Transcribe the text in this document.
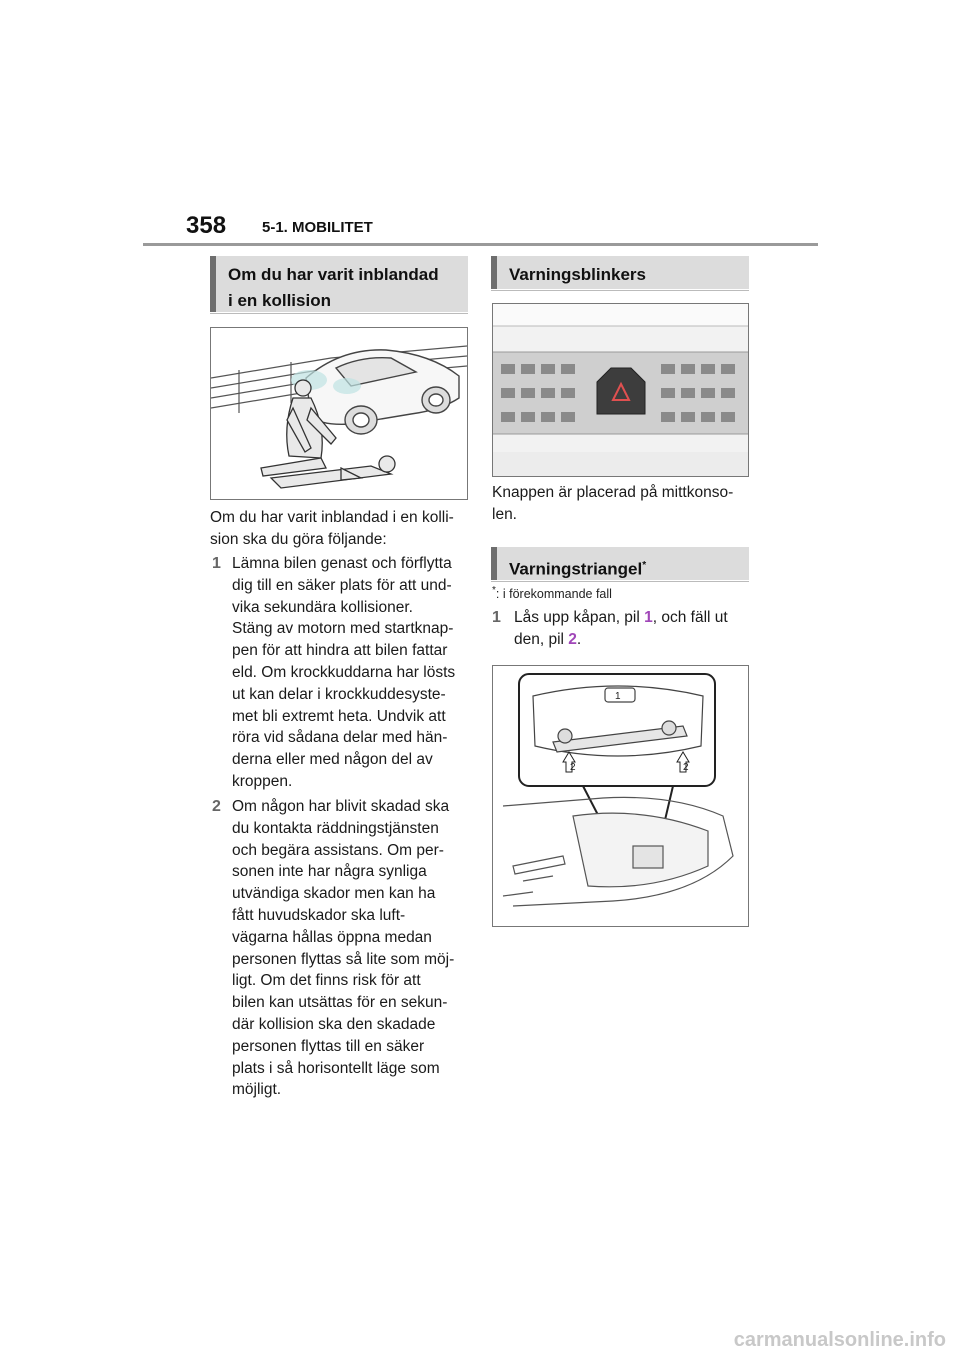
358 5-1. MOBILITET
Om du har varit inblandad
i en kollision
Om du har varit inblandad i en kolli-
sion ska du göra följande:
1 Lämna bilen genast och förflytta
dig till en säker plats för att und-
vika sekundära kollisioner.
Stäng av motorn med startknap-
pen för att hindra att bilen fattar
eld. Om krockkuddarna har lösts
ut kan delar i krockkuddesyste-
met bli extremt heta. Undvik att
röra vid sådana delar med hän-
derna eller med någon del av
kroppen.
2 Om någon har blivit skadad ska
du kontakta räddningstjänsten
och begära assistans. Om per-
sonen inte har några synliga
utvändiga skador men kan ha
fått huvudskador ska luft-
vägarna hållas öppna medan
personen flyttas så lite som möj-
ligt. Om det finns risk för att
bilen kan utsättas för en sekun-
där kollision ska den skadade
personen flyttas till en säker
plats i så horisontellt läge som
möjligt.
Varningsblinkers
Knappen är placerad på mittkonso-
len.
Varningstriangel*
*: i förekommande fall
1 Lås upp kåpan, pil 1, och fäll ut
den, pil 2.
1
2	2
carmanualsonline.info
